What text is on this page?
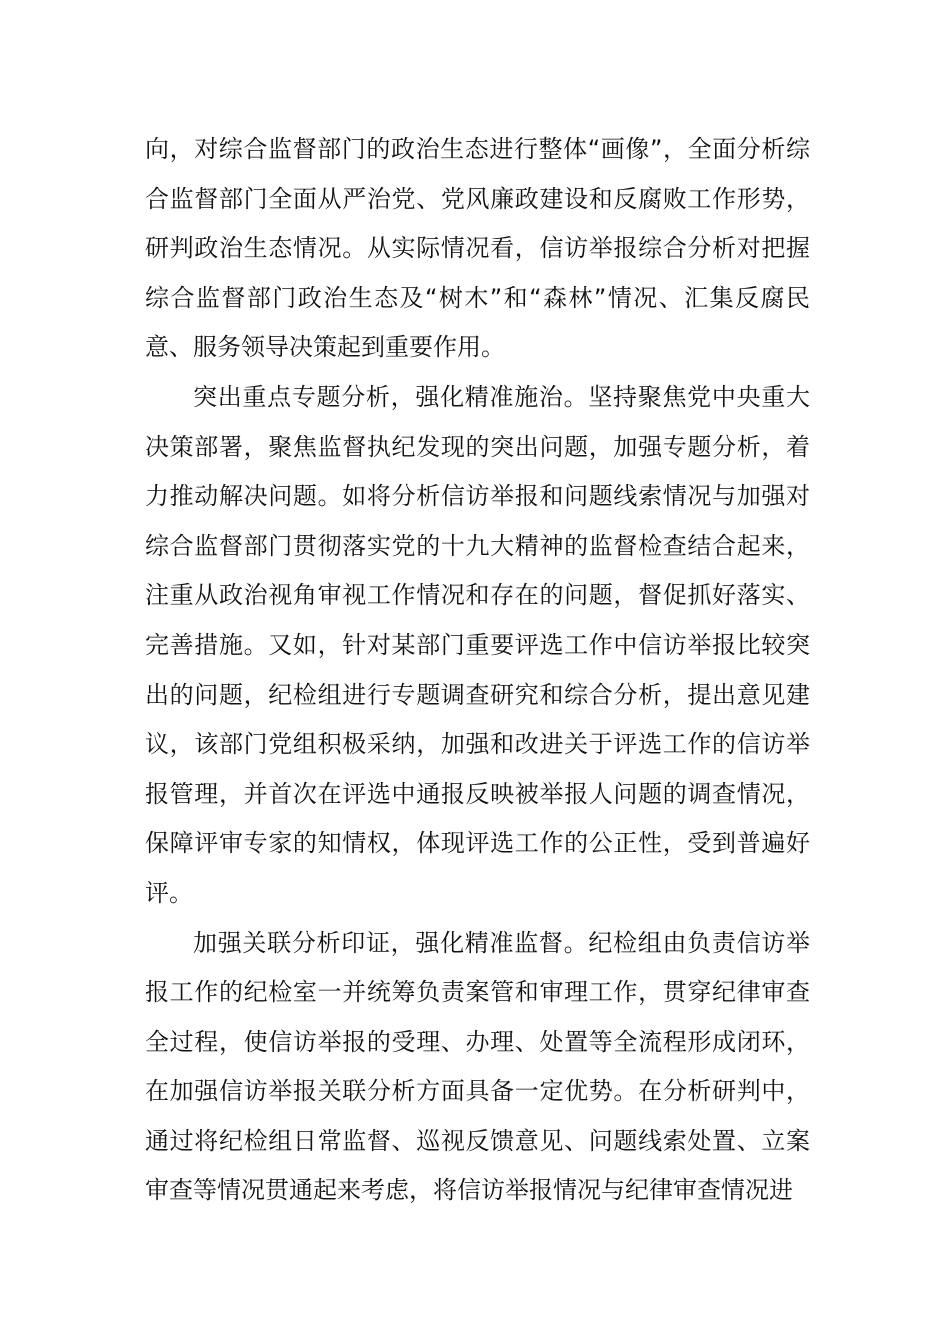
向，对综合监督部门的政治生态进行整体“画像”，全面分析综合监督部门全面从严治党、党风廉政建设和反腐败工作形势，研判政治生态情况。从实际情况看，信访举报综合分析对把握综合监督部门政治生态及“树木”和“森林”情况、汇集反腐民意、服务领导决策起到重要作用。

突出重点专题分析，强化精准施治。坚持聚焦党中央重大决策部署，聚焦监督执纪发现的突出问题，加强专题分析，着力推动解决问题。如将分析信访举报和问题线索情况与加强对综合监督部门贯彻落实党的十九大精神的监督检查结合起来，注重从政治视角审视工作情况和存在的问题，督促抓好落实、完善措施。又如，针对某部门重要评选工作中信访举报比较突出的问题，纪检组进行专题调查研究和综合分析，提出意见建议，该部门党组积极采纳，加强和改进关于评选工作的信访举报管理，并首次在评选中通报反映被举报人问题的调查情况，保障评审专家的知情权，体现评选工作的公正性，受到普遍好评。

加强关联分析印证，强化精准监督。纪检组由负责信访举报工作的纪检室一并统筹负责案管和审理工作，贯穿纪律审查全过程，使信访举报的受理、办理、处置等全流程形成闭环，在加强信访举报关联分析方面具备一定优势。在分析研判中，通过将纪检组日常监督、巡视反馈意见、问题线索处置、立案审查等情况贯通起来考虑，将信访举报情况与纪律审查情况进
